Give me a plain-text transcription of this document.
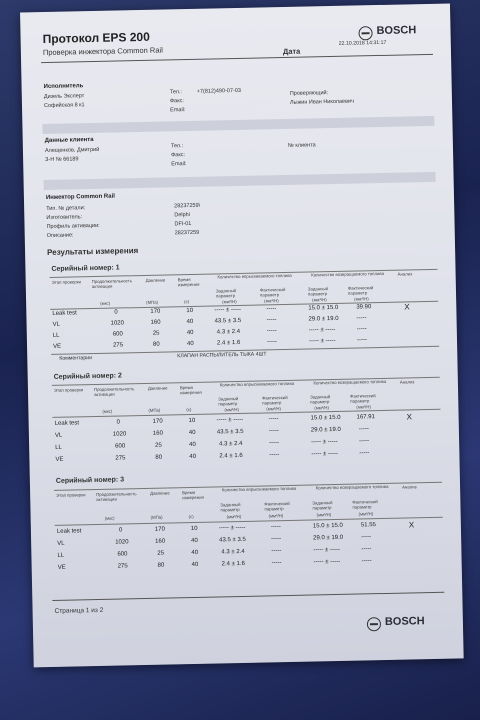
Протокол EPS 200
Проверка инжектора Common Rail
BOSCH
Дата
22.10.2018 14:31:17
Исполнитель
Дизель Эксперт
Софийская 8 к1
Тел.:	+7(812)490-07-03
Факс:
Email:
Проверяющий:
Лыжин Иван Николаевич
Данные клиента
Алещенков, Дмитрий
З-Н № 66189
Тел.:
Факс:
Email:
№ клиента
Инжектор Common Rail
Тип. № детали:	28237259\
Изготовитель:	Delphi
Профиль активации:	DFI-01
Описание:	28237259
Результаты измерения
Серийный номер: 1
Этап проверки Продолжительность активации
Давление	Время измерения
Количество впрыскиваемого топлива	Количество возвращаемого топлива	Анализ
Заданный параметр
Фактический параметр
Заданный параметр
Фактический параметр
(мкс)	(МПа)	(с)	(мм³/Н)	(мм³/Н)	(мм³/Н)	(мм³/Н)
Leak test	0	170	10	----- ± -----	-----	15.0 ± 15.0	39.90	X
VL	1020	160	40	43.5 ± 3.5	-----	29.0 ± 19.0	-----
LL	600	25	40	4.3 ± 2.4	-----	----- ± -----	-----
VE	275	80	40	2.4 ± 1.6	-----	----- ± -----	-----
Комментарии	КЛАПАН РАСПЫЛИТЕЛЬ ТЫКА 4ШТ
Серийный номер: 2
Этап проверки Продолжительность активации
Давление	Время измерения
Количество впрыскиваемого топлива	Количество возвращаемого топлива	Анализ
Заданный параметр
Фактический параметр
Заданный параметр
Фактический параметр
(мкс)	(МПа)	(с)	(мм³/Н)	(мм³/Н)	(мм³/Н)	(мм³/Н)
Leak test	0	170	10	----- ± -----	-----	15.0 ± 15.0	167.91	X
VL	1020	160	40	43.5 ± 3.5	-----	29.0 ± 19.0	-----
LL	600	25	40	4.3 ± 2.4	-----	----- ± -----	-----
VE	275	80	40	2.4 ± 1.6	-----	----- ± -----	-----
Серийный номер: 3
Этап проверки Продолжительность активации
Давление	Время измерения
Количество впрыскиваемого топлива	Количество возвращаемого топлива	Анализ
Заданный параметр
Фактический параметр
Заданный параметр
Фактический параметр
(мкс)	(МПа)	(с)	(мм³/Н)	(мм³/Н)	(мм³/Н)	(мм³/Н)
Leak test	0	170	10	----- ± -----	-----	15.0 ± 15.0	51.55	X
VL	1020	160	40	43.5 ± 3.5	-----	29.0 ± 19.0	-----
LL	600	25	40	4.3 ± 2.4	-----	----- ± -----	-----
VE	275	80	40	2.4 ± 1.6	-----	----- ± -----	-----
Страница 1 из 2
BOSCH
